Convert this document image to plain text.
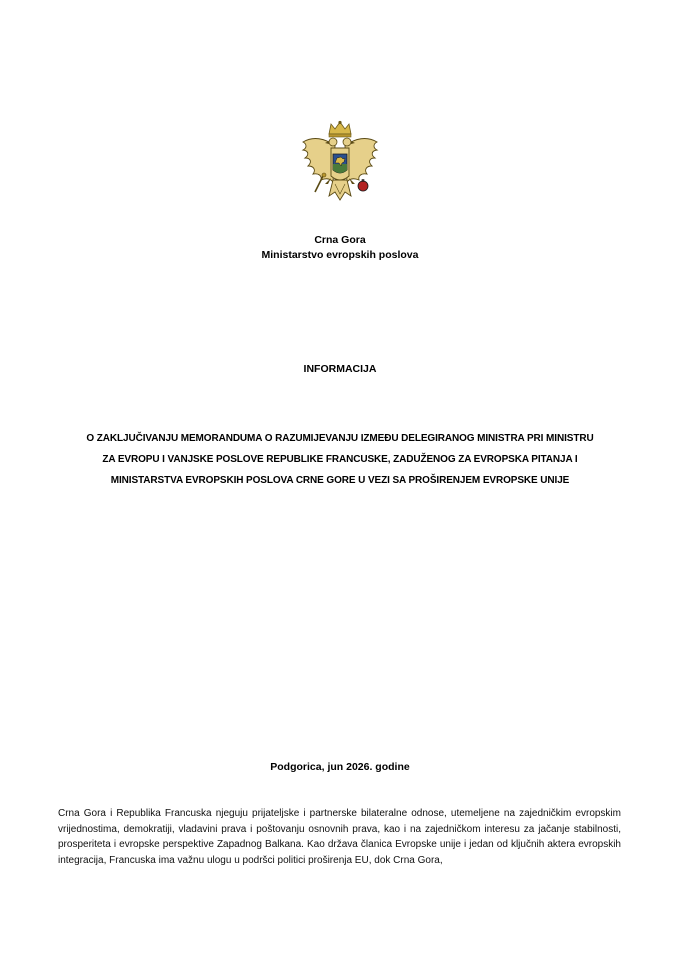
Crna Gora
Ministarstvo evropskih poslova
INFORMACIJA
O ZAKLJUČIVANJU MEMORANDUMA O RAZUMIJEVANJU IZMEĐU DELEGIRANOG MINISTRA PRI MINISTRU
ZA EVROPU I VANJSKE POSLOVE REPUBLIKE FRANCUSKE, ZADUŽENOG ZA EVROPSKA PITANJA I
MINISTARSTVA EVROPSKIH POSLOVA CRNE GORE U VEZI SA PROŠIRENJEM EVROPSKE UNIJE
Podgorica, jun 2026. godine
Crna Gora i Republika Francuska njeguju prijateljske i partnerske bilateralne odnose, utemeljene na zajedničkim evropskim vrijednostima, demokratiji, vladavini prava i poštovanju osnovnih prava, kao i na zajedničkom interesu za jačanje stabilnosti, prosperiteta i evropske perspektive Zapadnog Balkana. Kao država članica Evropske unije i jedan od ključnih aktera evropskih integracija, Francuska ima važnu ulogu u podršci politici proširenja EU, dok Crna Gora,
